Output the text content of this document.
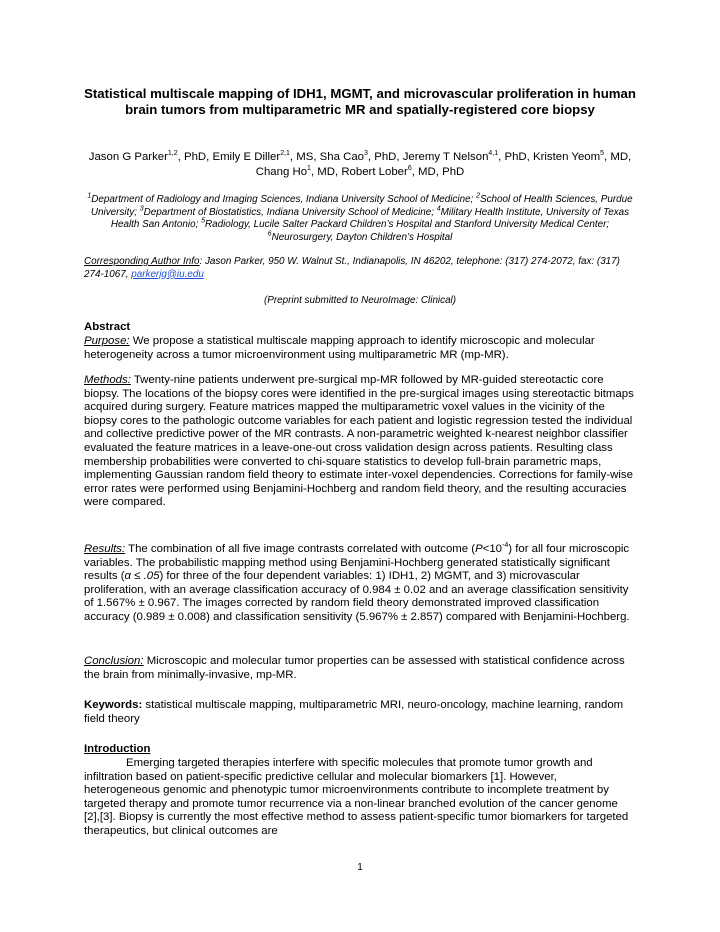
Statistical multiscale mapping of IDH1, MGMT, and microvascular proliferation in human brain tumors from multiparametric MR and spatially-registered core biopsy
Jason G Parker$^{1,2}$, PhD, Emily E Diller$^{2,1}$, MS, Sha Cao$^3$, PhD, Jeremy T Nelson$^{4,1}$, PhD, Kristen Yeom$^5$, MD, Chang Ho$^1$, MD, Robert Lober$^6$, MD, PhD
$^1$Department of Radiology and Imaging Sciences, Indiana University School of Medicine; $^2$School of Health Sciences, Purdue University; $^3$Department of Biostatistics, Indiana University School of Medicine; $^4$Military Health Institute, University of Texas Health San Antonio; $^5$Radiology, Lucile Salter Packard Children’s Hospital and Stanford University Medical Center; $^6$Neurosurgery, Dayton Children’s Hospital
Corresponding Author Info: Jason Parker, 950 W. Walnut St., Indianapolis, IN 46202, telephone: (317) 274-2072, fax: (317) 274-1067, parkerjg@iu.edu
(Preprint submitted to NeuroImage: Clinical)
Abstract
Purpose: We propose a statistical multiscale mapping approach to identify microscopic and molecular heterogeneity across a tumor microenvironment using multiparametric MR (mp-MR).
Methods: Twenty-nine patients underwent pre-surgical mp-MR followed by MR-guided stereotactic core biopsy. The locations of the biopsy cores were identified in the pre-surgical images using stereotactic bitmaps acquired during surgery. Feature matrices mapped the multiparametric voxel values in the vicinity of the biopsy cores to the pathologic outcome variables for each patient and logistic regression tested the individual and collective predictive power of the MR contrasts. A non-parametric weighted k-nearest neighbor classifier evaluated the feature matrices in a leave-one-out cross validation design across patients. Resulting class membership probabilities were converted to chi-square statistics to develop full-brain parametric maps, implementing Gaussian random field theory to estimate inter-voxel dependencies. Corrections for family-wise error rates were performed using Benjamini-Hochberg and random field theory, and the resulting accuracies were compared.
Results: The combination of all five image contrasts correlated with outcome $(P<10^{-4})$ for all four microscopic variables. The probabilistic mapping method using Benjamini-Hochberg generated statistically significant results (α ≤ .05) for three of the four dependent variables: 1) IDH1, 2) MGMT, and 3) microvascular proliferation, with an average classification accuracy of 0.984 ± 0.02 and an average classification sensitivity of 1.567% ± 0.967. The images corrected by random field theory demonstrated improved classification accuracy (0.989 ± 0.008) and classification sensitivity (5.967% ± 2.857) compared with Benjamini-Hochberg.
Conclusion: Microscopic and molecular tumor properties can be assessed with statistical confidence across the brain from minimally-invasive, mp-MR.
Keywords: statistical multiscale mapping, multiparametric MRI, neuro-oncology, machine learning, random field theory
Introduction
Emerging targeted therapies interfere with specific molecules that promote tumor growth and infiltration based on patient-specific predictive cellular and molecular biomarkers [1]. However, heterogeneous genomic and phenotypic tumor microenvironments contribute to incomplete treatment by targeted therapy and promote tumor recurrence via a non-linear branched evolution of the cancer genome [2],[3]. Biopsy is currently the most effective method to assess patient-specific tumor biomarkers for targeted therapeutics, but clinical outcomes are
1
